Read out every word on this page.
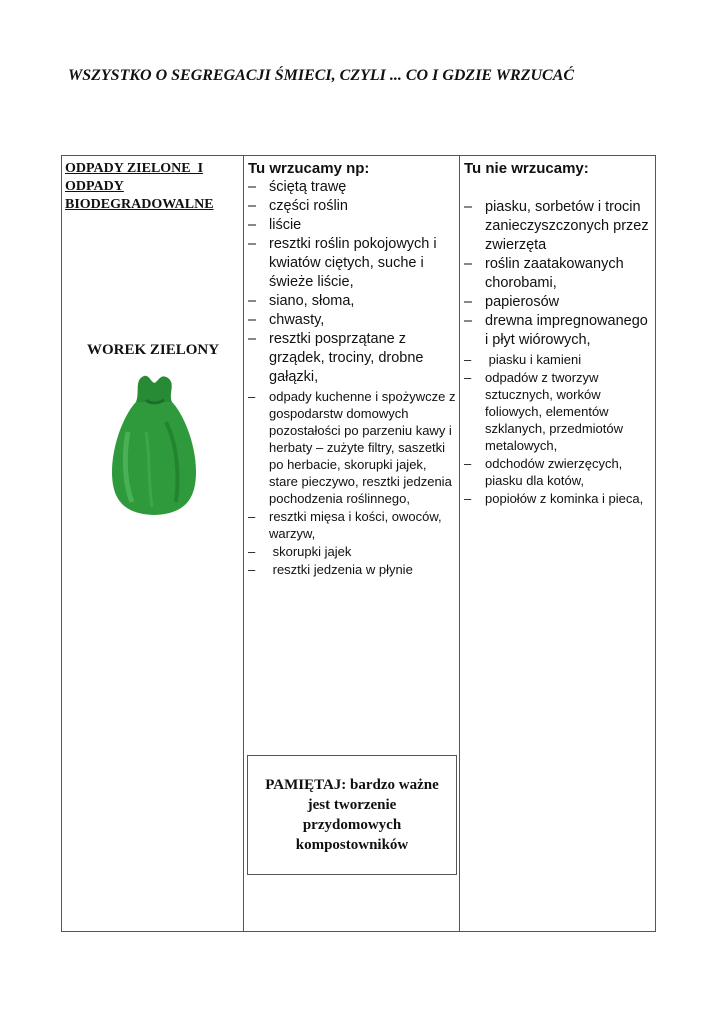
WSZYSTKO O SEGREGACJI ŚMIECI, CZYLI ... CO I GDZIE WRZUCAĆ
ODPADY ZIELONE  I
ODPADY
BIODEGRADOWALNE
WOREK ZIELONY
Tu wrzucamy np:
– ściętą trawę
– części roślin
– liście
– resztki roślin pokojowych i kwiatów ciętych, suche i świeże liście,
– siano, słoma,
– chwasty,
– resztki posprzątane z grządek, trociny, drobne gałązki,
– odpady kuchenne i spożywcze z gospodarstw domowych pozostałości po parzeniu kawy i herbaty – zużyte filtry, saszetki po herbacie, skorupki jajek, stare pieczywo, resztki jedzenia pochodzenia roślinnego,
– resztki mięsa i kości, owoców, warzyw,
– skorupki jajek
– resztki jedzenia w płynie
Tu nie wrzucamy:
– piasku, sorbetów i trocin zanieczyszczonych przez zwierzęta
– roślin zaatakowanych chorobami,
– papierosów
– drewna impregnowanego i płyt wiórowych,
– piasku i kamieni
– odpadów z tworzyw sztucznych, worków foliowych, elementów szklanych, przedmiotów metalowych,
– odchodów zwierzęcych, piasku dla kotów,
– popiołów z kominka i pieca,
PAMIĘTAJ: bardzo ważne jest tworzenie przydomowych kompostowników
